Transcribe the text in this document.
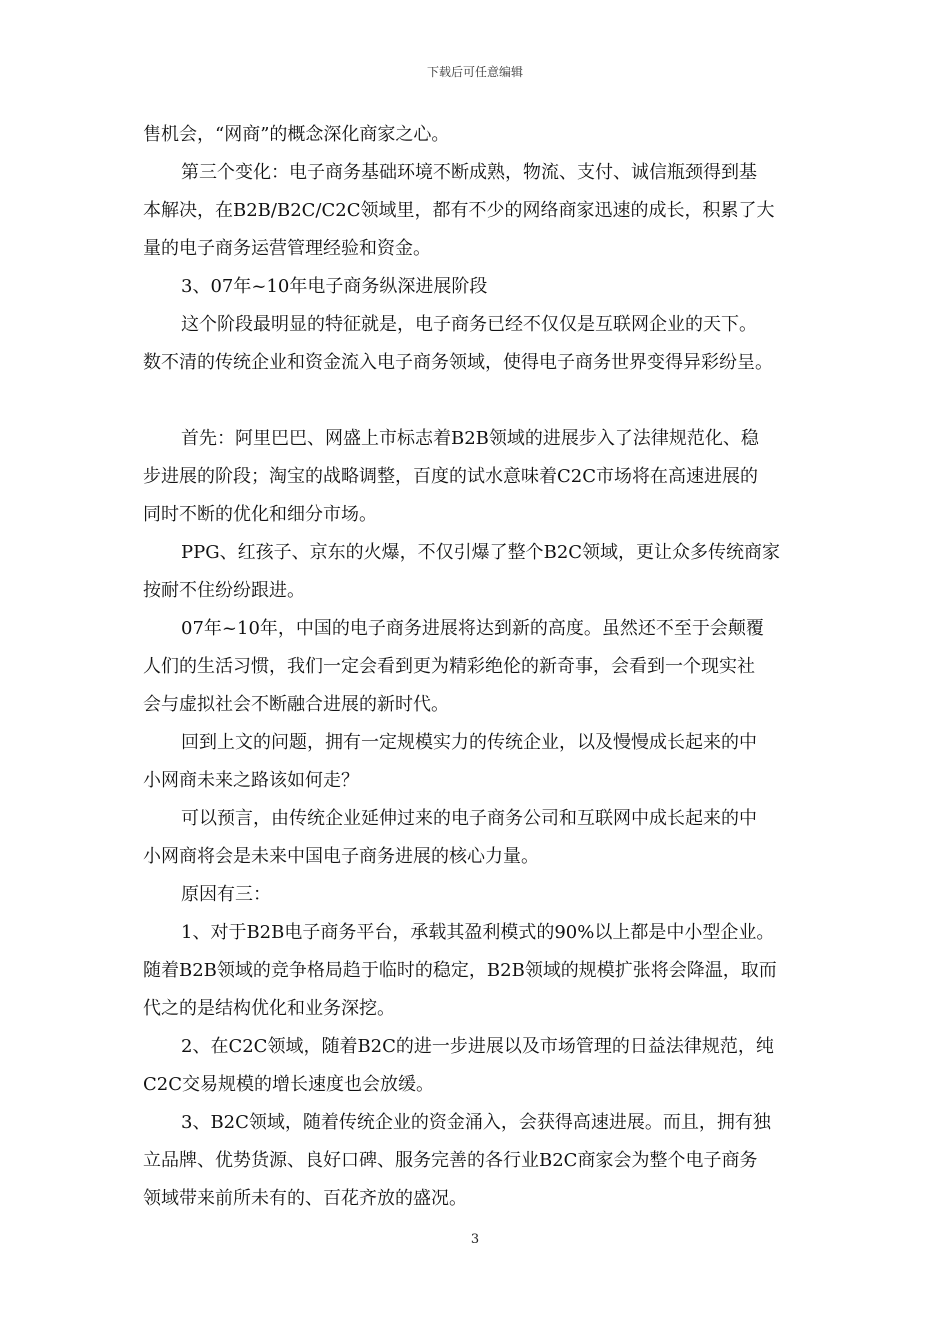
下载后可任意编辑
售机会，“网商”的概念深化商家之心。
第三个变化：电子商务基础环境不断成熟，物流、支付、诚信瓶颈得到基
本解决，在B2B/B2C/C2C领域里，都有不少的网络商家迅速的成长，积累了大
量的电子商务运营管理经验和资金。
3、07年~10年电子商务纵深进展阶段
这个阶段最明显的特征就是，电子商务已经不仅仅是互联网企业的天下。
数不清的传统企业和资金流入电子商务领域，使得电子商务世界变得异彩纷呈。
首先：阿里巴巴、网盛上市标志着B2B领域的进展步入了法律规范化、稳
步进展的阶段；淘宝的战略调整，百度的试水意味着C2C市场将在高速进展的
同时不断的优化和细分市场。
PPG、红孩子、京东的火爆，不仅引爆了整个B2C领域，更让众多传统商家
按耐不住纷纷跟进。
07年~10年，中国的电子商务进展将达到新的高度。虽然还不至于会颠覆
人们的生活习惯，我们一定会看到更为精彩绝伦的新奇事，会看到一个现实社
会与虚拟社会不断融合进展的新时代。
回到上文的问题，拥有一定规模实力的传统企业，以及慢慢成长起来的中
小网商未来之路该如何走？
可以预言，由传统企业延伸过来的电子商务公司和互联网中成长起来的中
小网商将会是未来中国电子商务进展的核心力量。
原因有三：
1、对于B2B电子商务平台，承载其盈利模式的90%以上都是中小型企业。
随着B2B领域的竞争格局趋于临时的稳定，B2B领域的规模扩张将会降温，取而
代之的是结构优化和业务深挖。
2、在C2C领域，随着B2C的进一步进展以及市场管理的日益法律规范，纯
C2C交易规模的增长速度也会放缓。
3、B2C领域，随着传统企业的资金涌入，会获得高速进展。而且，拥有独
立品牌、优势货源、良好口碑、服务完善的各行业B2C商家会为整个电子商务
领域带来前所未有的、百花齐放的盛况。
3
